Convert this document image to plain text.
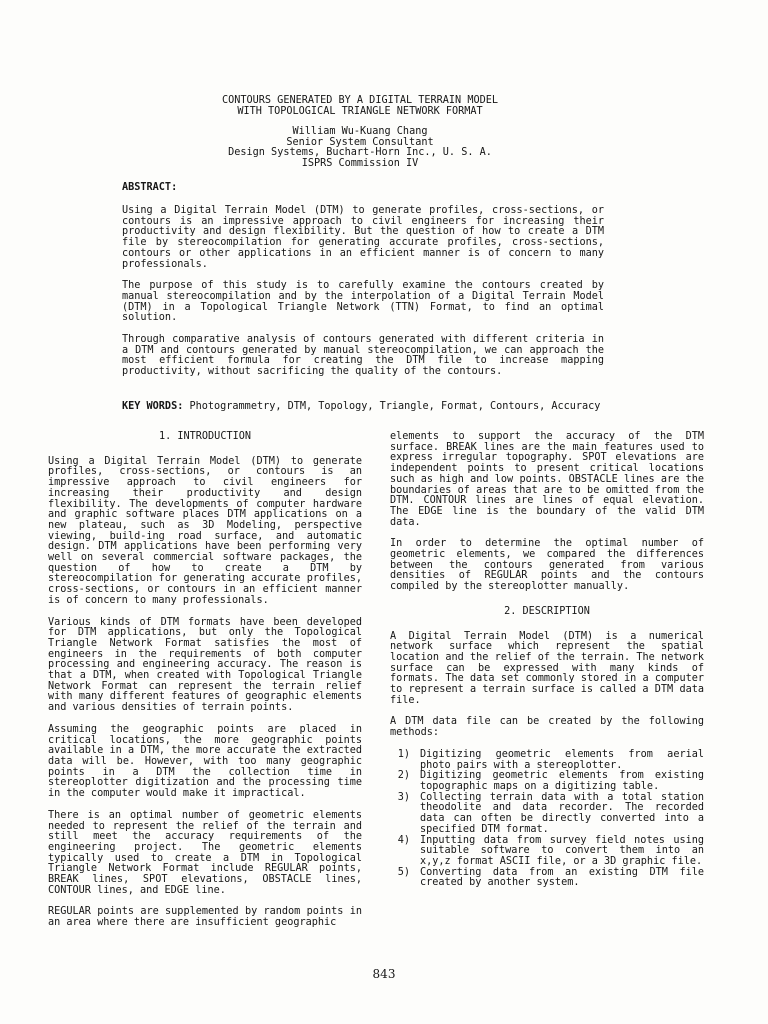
CONTOURS GENERATED BY A DIGITAL TERRAIN MODEL

WITH TOPOLOGICAL TRIANGLE NETWORK FORMAT

William Wu-Kuang Chang

Senior System Consultant

Design Systems, Buchart-Horn Inc., U. S. A.

ISPRS Commission IV

ABSTRACT:

Using a Digital Terrain Model (DTM) to generate profiles, cross-sections, or contours is an impressive approach to civil engineers for increasing their productivity and design flexibility. But the question of how to create a DTM file by stereocompilation for generating accurate profiles, cross-sections, contours or other applications in an efficient manner is of concern to many professionals.

The purpose of this study is to carefully examine the contours created by manual stereocompilation and by the interpolation of a Digital Terrain Model (DTM) in a Topological Triangle Network (TTN) Format, to find an optimal solution.

Through comparative analysis of contours generated with different criteria in a DTM and contours generated by manual stereocompilation, we can approach the most efficient formula for creating the DTM file to increase mapping productivity, without sacrificing the quality of the contours.

KEY WORDS: Photogrammetry, DTM, Topology, Triangle, Format, Contours, Accuracy

1. INTRODUCTION

Using a Digital Terrain Model (DTM) to generate profiles, cross-sections, or contours is an impressive approach to civil engineers for increasing their productivity and design flexibility. The developments of computer hardware and graphic software places DTM applications on a new plateau, such as 3D Modeling, perspective viewing, build-ing road surface, and automatic design. DTM applications have been performing very well on several commercial software packages, the question of how to create a DTM by stereocompilation for generating accurate profiles, cross-sections, or contours in an efficient manner is of concern to many professionals.

Various kinds of DTM formats have been developed for DTM applications, but only the Topological Triangle Network Format satisfies the most of engineers in the requirements of both computer processing and engineering accuracy. The reason is that a DTM, when created with Topological Triangle Network Format can represent the terrain relief with many different features of geographic elements and various densities of terrain points.

Assuming the geographic points are placed in critical locations, the more geographic points available in a DTM, the more accurate the extracted data will be. However, with too many geographic points in a DTM the collection time in stereoplotter digitization and the processing time in the computer would make it impractical.

There is an optimal number of geometric elements needed to represent the relief of the terrain and still meet the accuracy requirements of the engineering project. The geometric elements typically used to create a DTM in Topological Triangle Network Format include REGULAR points, BREAK lines, SPOT elevations, OBSTACLE lines, CONTOUR lines, and EDGE line.

REGULAR points are supplemented by random points in an area where there are insufficient geographic

elements to support the accuracy of the DTM surface. BREAK lines are the main features used to express irregular topography. SPOT elevations are independent points to present critical locations such as high and low points. OBSTACLE lines are the boundaries of areas that are to be omitted from the DTM. CONTOUR lines are lines of equal elevation. The EDGE line is the boundary of the valid DTM data.

In order to determine the optimal number of geometric elements, we compared the differences between the contours generated from various densities of REGULAR points and the contours compiled by the stereoplotter manually.

2. DESCRIPTION

A Digital Terrain Model (DTM) is a numerical network surface which represent the spatial location and the relief of the terrain. The network surface can be expressed with many kinds of formats. The data set commonly stored in a computer to represent a terrain surface is called a DTM data file.

A DTM data file can be created by the following methods:

1) Digitizing geometric elements from aerial photo pairs with a stereoplotter.
2) Digitizing geometric elements from existing topographic maps on a digitizing table.
3) Collecting terrain data with a total station theodolite and data recorder. The recorded data can often be directly converted into a specified DTM format.
4) Inputting data from survey field notes using suitable software to convert them into an x,y,z format ASCII file, or a 3D graphic file.
5) Converting data from an existing DTM file created by another system.
843
